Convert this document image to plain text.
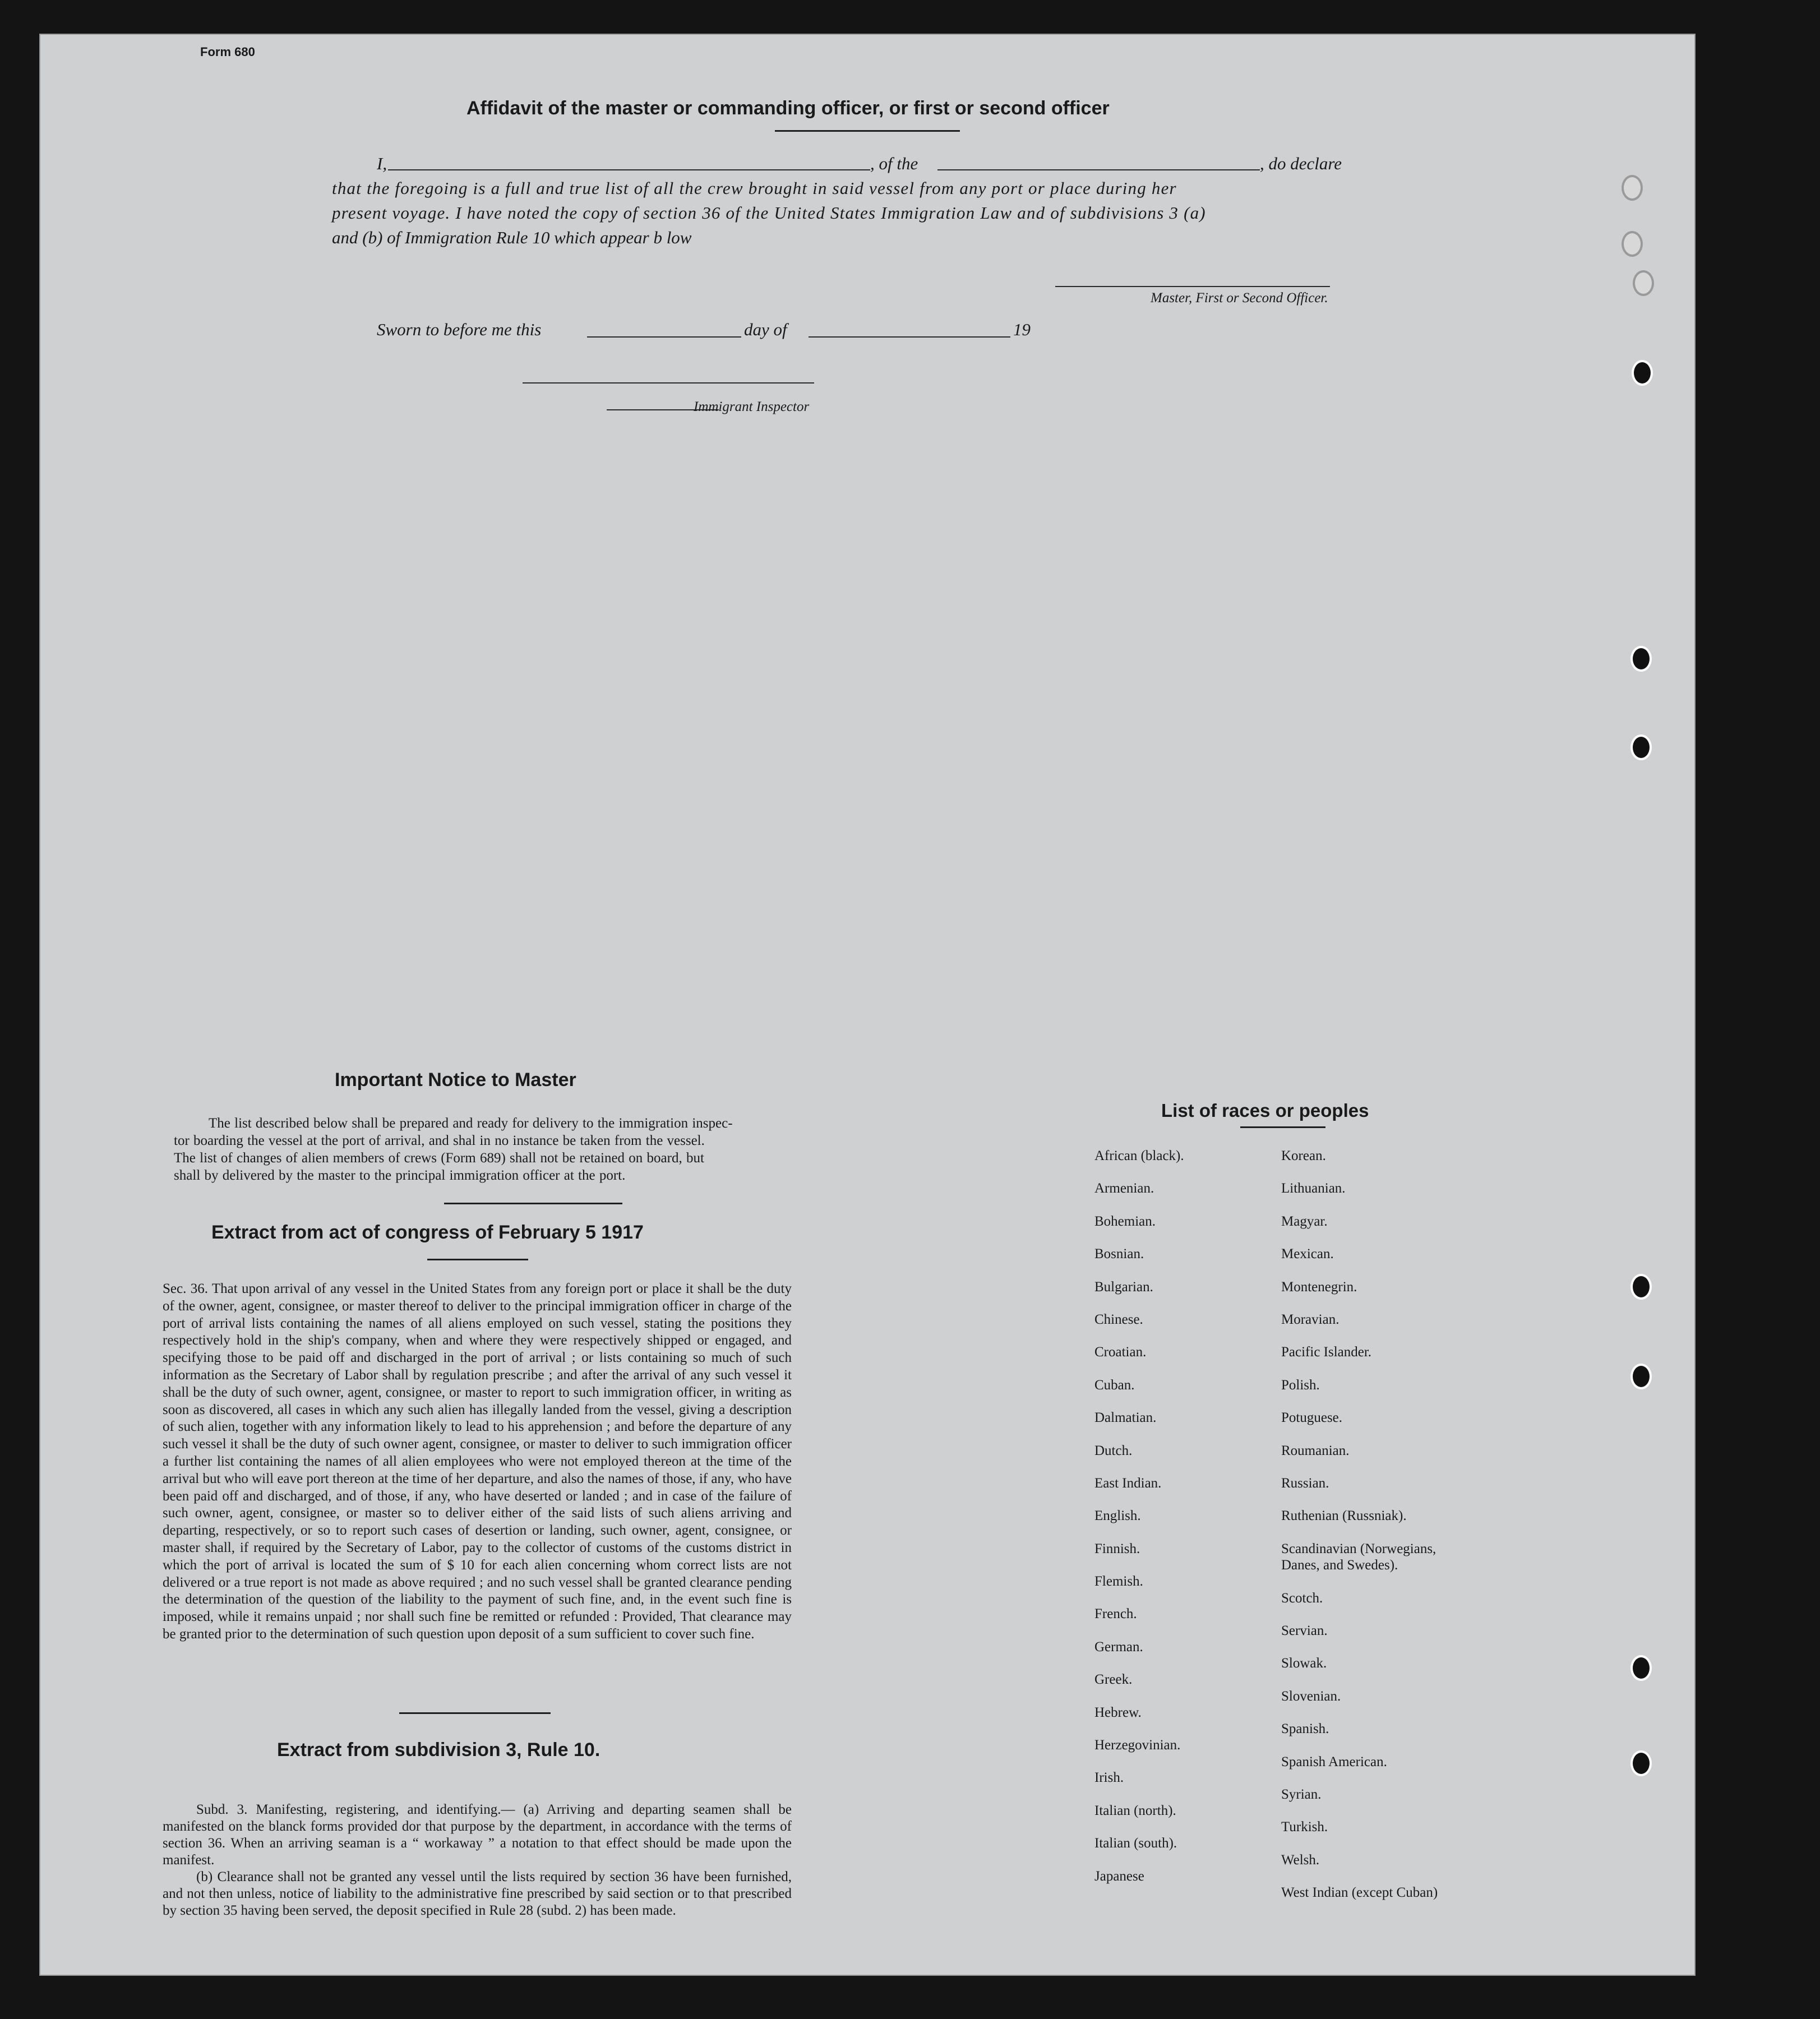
Form 680
Affidavit of the master or commanding officer, or first or second officer
I,	, of the	, do declare
that the foregoing is a full and true list of all the crew brought in said vessel from any port or place during her
present voyage. I have noted the copy of section 36 of the United States Immigration Law and of subdivisions 3 (a)
and (b) of Immigration Rule 10 which appear b low
Master, First or Second Officer.
Sworn to before me this	day of	19
Immigrant Inspector
Important Notice to Master
The list described below shall be prepared and ready for delivery to the immigration inspec-
tor boarding the vessel at the port of arrival, and shal in no instance be taken from the vessel.
The list of changes of alien members of crews (Form 689) shall not be retained on board, but
shall by delivered by the master to the principal immigration officer at the port.
Extract from act of congress of February 5 1917
Sec. 36. That upon arrival of any vessel in the United States from any foreign port or place it shall be the duty of the owner, agent, consignee, or master thereof to deliver to the principal immigration officer in charge of the port of arrival lists containing the names of all aliens employed on such vessel, stating the positions they respectively hold in the ship's company, when and where they were respectively shipped or engaged, and specifying those to be paid off and discharged in the port of arrival ; or lists containing so much of such information as the Secretary of Labor shall by regulation prescribe ; and after the arrival of any such vessel it shall be the duty of such owner, agent, consignee, or master to report to such immigration officer, in writing as soon as discovered, all cases in which any such alien has illegally landed from the vessel, giving a description of such alien, together with any information likely to lead to his apprehension ; and before the departure of any such vessel it shall be the duty of such owner agent, consignee, or master to deliver to such immigration officer a further list containing the names of all alien employees who were not employed thereon at the time of the arrival but who will eave port thereon at the time of her departure, and also the names of those, if any, who have been paid off and discharged, and of those, if any, who have deserted or landed ; and in case of the failure of such owner, agent, consignee, or master so to deliver either of the said lists of such aliens arriving and departing, respectively, or so to report such cases of desertion or landing, such owner, agent, consignee, or master shall, if required by the Secretary of Labor, pay to the collector of customs of the customs district in which the port of arrival is located the sum of $ 10 for each alien concerning whom correct lists are not delivered or a true report is not made as above required ; and no such vessel shall be granted clearance pending the determination of the question of the liability to the payment of such fine, and, in the event such fine is imposed, while it remains unpaid ; nor shall such fine be remitted or refunded : Provided, That clearance may be granted prior to the determination of such question upon deposit of a sum sufficient to cover such fine.
Extract from subdivision 3, Rule 10.
Subd. 3. Manifesting, registering, and identifying.— (a) Arriving and departing seamen shall be manifested on the blanck forms provided dor that purpose by the department, in accordance with the terms of section 36. When an arriving seaman is a “ workaway ” a notation to that effect should be made upon the manifest.
(b) Clearance shall not be granted any vessel until the lists required by section 36 have been furnished, and not then unless, notice of liability to the administrative fine prescribed by said section or to that prescribed by section 35 having been served, the deposit specified in Rule 28 (subd. 2) has been made.
List of races or peoples
African (black).
Armenian.
Bohemian.
Bosnian.
Bulgarian.
Chinese.
Croatian.
Cuban.
Dalmatian.
Dutch.
East Indian.
English.
Finnish.
Flemish.
French.
German.
Greek.
Hebrew.
Herzegovinian.
Irish.
Italian (north).
Italian (south).
Japanese
Korean.
Lithuanian.
Magyar.
Mexican.
Montenegrin.
Moravian.
Pacific Islander.
Polish.
Potuguese.
Roumanian.
Russian.
Ruthenian (Russniak).
Scandinavian (Norwegians, Danes, and Swedes).
Scotch.
Servian.
Slowak.
Slovenian.
Spanish.
Spanish American.
Syrian.
Turkish.
Welsh.
West Indian (except Cuban)
